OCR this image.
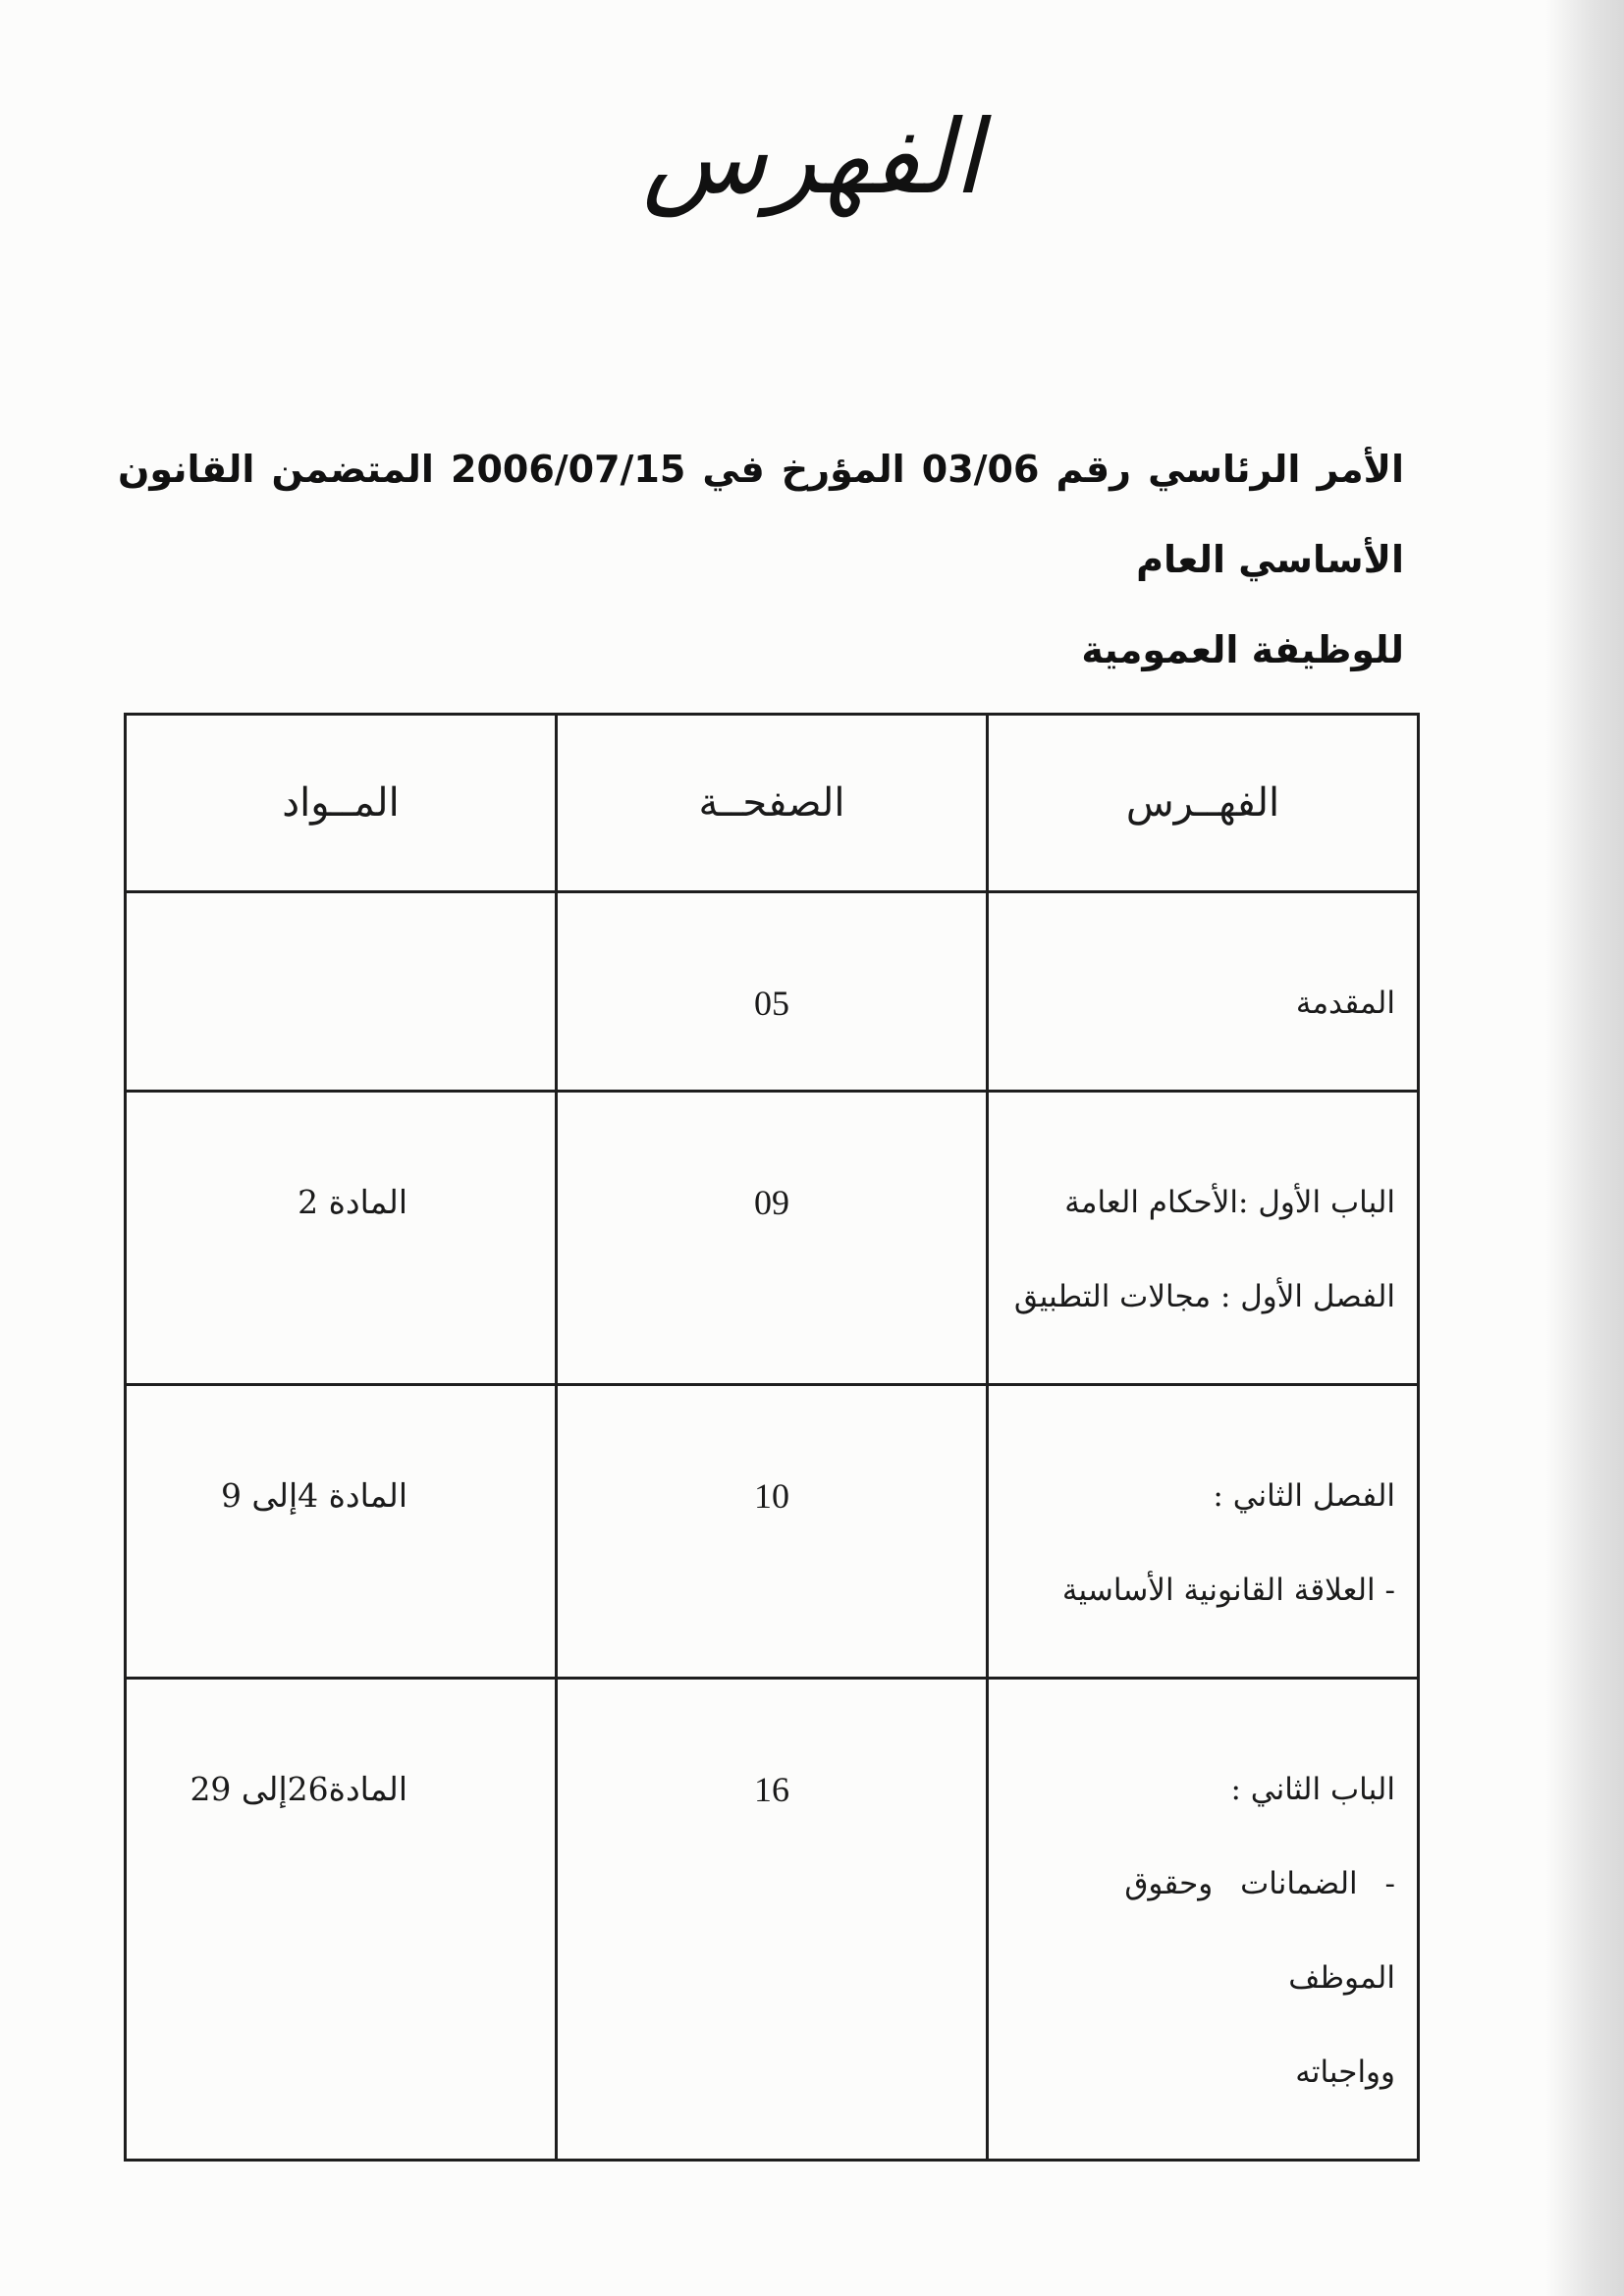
الفهرس
الأمر الرئاسي رقم 03/06 المؤرخ في 2006/07/15 المتضمن القانون الأساسي العام
للوظيفة العمومية
الفهــرس	الصفحــة	المــواد

المقدمة	05	

الباب الأول :الأحكام العامة
الفصل الأول : مجالات التطبيق	09	المادة 2

الفصل الثاني :
- العلاقة القانونية الأساسية	10	المادة 4إلى 9

الباب الثاني :
- الضمانات وحقوق الموظف
وواجباته	16	المادة26إلى 29
